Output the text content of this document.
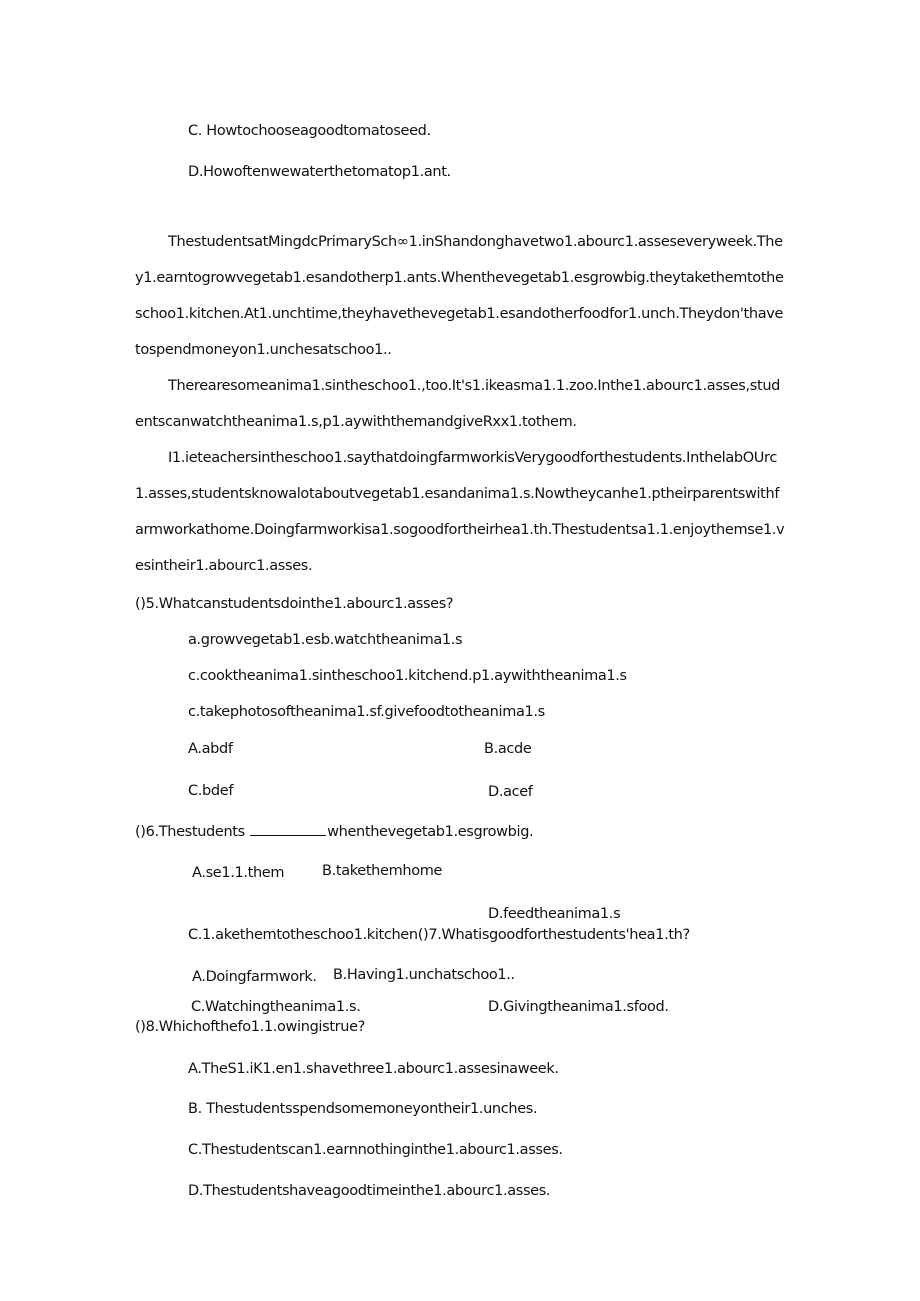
C. Howtochooseagoodtomatoseed.
D.Howoftenwewaterthetomatop1.ant.
ThestudentsatMingdcPrimarySch∞1.inShandonghavetwo1.abourc1.asseseveryweek.They1.earntogrowvegetab1.esandotherp1.ants.Whenthevegetab1.esgrowbig.theytakethemtotheschoo1.kitchen.At1.unchtime,theyhavethevegetab1.esandotherfoodfor1.unch.Theydon'thavetospendmoneyon1.unchesatschoo1..
Therearesomeanima1.sintheschoo1.,too.It's1.ikeasma1.1.zoo.Inthe1.abourc1.asses,studentscanwatchtheanima1.s,p1.aywiththemandgiveRxx1.tothem.
I1.ieteachersintheschoo1.saythatdoingfarmworkisVerygoodforthestudents.InthelabOUrc1.asses,studentsknowalotaboutvegetab1.esandanima1.s.Nowtheycanhe1.ptheirparentswithfarmworkathome.Doingfarmworkisa1.sogoodfortheirhea1.th.Thestudentsa1.1.enjoythemse1.vesintheir1.abourc1.asses.
()5.Whatcanstudentsdointhe1.abourc1.asses?
a.growvegetab1.esb.watchtheanima1.s
c.cooktheanima1.sintheschoo1.kitchend.p1.aywiththeanima1.s
c.takephotosoftheanima1.sf.givefoodtotheanima1.s
A.abdf	B.acde
C.bdef	D.acef
()6.Thestudents	whenthevegetab1.esgrowbig.
A.se1.1.them	B.takethemhome
D.feedtheanima1.s
C.1.akethemtotheschoo1.kitchen()7.Whatisgoodforthestudents'hea1.th?
A.Doingfarmwork. B.Having1.unchatschoo1..
C.Watchingtheanima1.s.	D.Givingtheanima1.sfood.
()8.Whichofthefo1.1.owingistrue?
A.TheS1.iK1.en1.shavethree1.abourc1.assesinaweek.
B. Thestudentsspendsomemoneyontheir1.unches.
C.Thestudentscan1.earnnothinginthe1.abourc1.asses.
D.Thestudentshaveagoodtimeinthe1.abourc1.asses.
